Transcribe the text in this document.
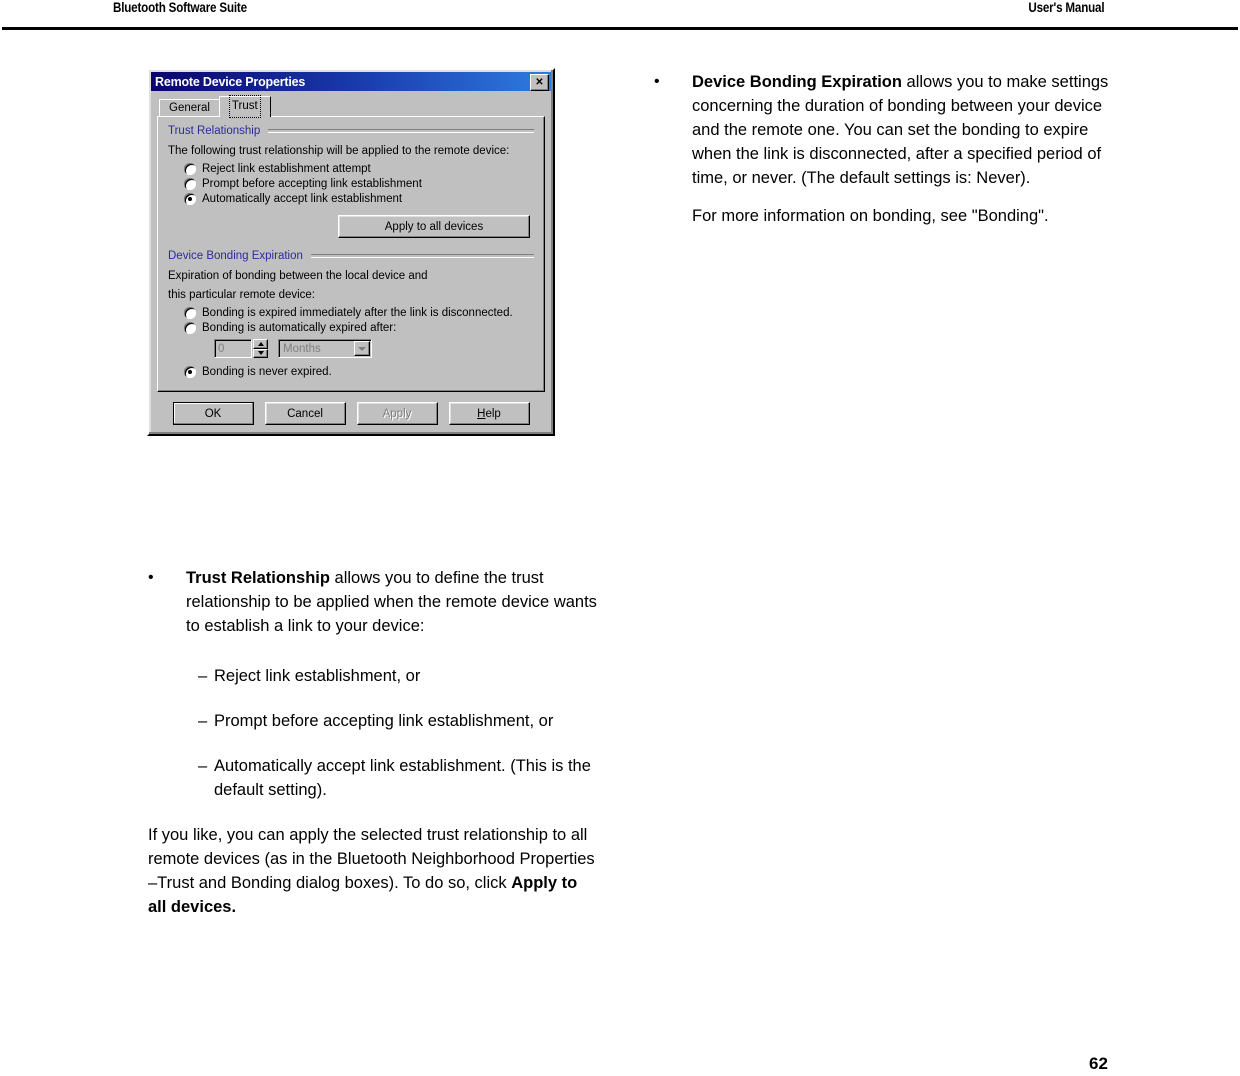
Bluetooth Software Suite	User's Manual
Remote Device Properties	✕
General	Trust
Trust Relationship
The following trust relationship will be applied to the remote device:
Reject link establishment attempt
Prompt before accepting link establishment
Automatically accept link establishment
Apply to all devices
Device Bonding Expiration
Expiration of bonding between the local device and
this particular remote device:
Bonding is expired immediately after the link is disconnected.
Bonding is automatically expired after:
0	Months
Bonding is never expired.
OK	Cancel	Apply	H elp
•	Trust Relationship allows you to define the trust relationship to be applied when the remote device wants to establish a link to your device:
– Reject link establishment, or
– Prompt before accepting link establishment, or
– Automatically accept link establishment. (This is the default setting).
If you like, you can apply the selected trust relationship to all remote devices (as in the Bluetooth Neighborhood Properties –Trust and Bonding dialog boxes). To do so, click Apply to all devices.
•	Device Bonding Expiration allows you to make settings concerning the duration of bonding between your device and the remote one. You can set the bonding to expire when the link is disconnected, after a specified period of time, or never. (The default settings is: Never).
For more information on bonding, see "Bonding".
62
